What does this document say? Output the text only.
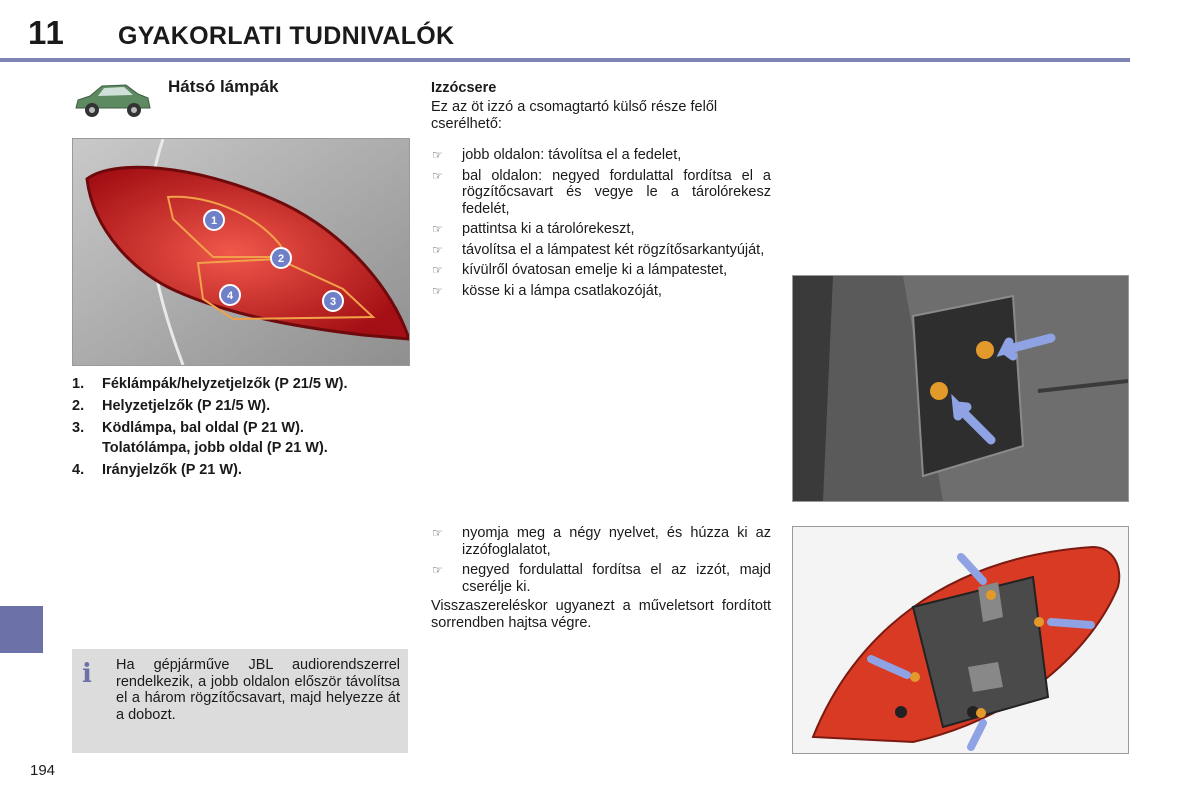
11 GYAKORLATI TUDNIVALÓK
Hátsó lámpák
1
2
3
4
1. Féklámpák/helyzetjelzők (P 21/5 W).
2. Helyzetjelzők (P 21/5 W).
3. Ködlámpa, bal oldal (P 21 W).
Tolatólámpa, jobb oldal (P 21 W).
4. Irányjelzők (P 21 W).
i Ha gépjárműve JBL audiorendszerrel rendelkezik, a jobb oldalon először távolítsa el a három rögzítőcsavart, majd helyezze át a dobozt.
Izzócsere
Ez az öt izzó a csomagtartó külső része felől cserélhető:
☞ jobb oldalon: távolítsa el a fedelet,
☞ bal oldalon: negyed fordulattal fordítsa el a rögzítőcsavart és vegye le a tárolórekesz fedelét,
☞ pattintsa ki a tárolórekeszt,
☞ távolítsa el a lámpatest két rögzítősarkantyúját,
☞ kívülről óvatosan emelje ki a lámpatestet,
☞ kösse ki a lámpa csatlakozóját,
☞ nyomja meg a négy nyelvet, és húzza ki az izzófoglalatot,
☞ negyed fordulattal fordítsa el az izzót, majd cserélje ki.
Visszaszereléskor ugyanezt a műveletsort fordított sorrendben hajtsa végre.
194
